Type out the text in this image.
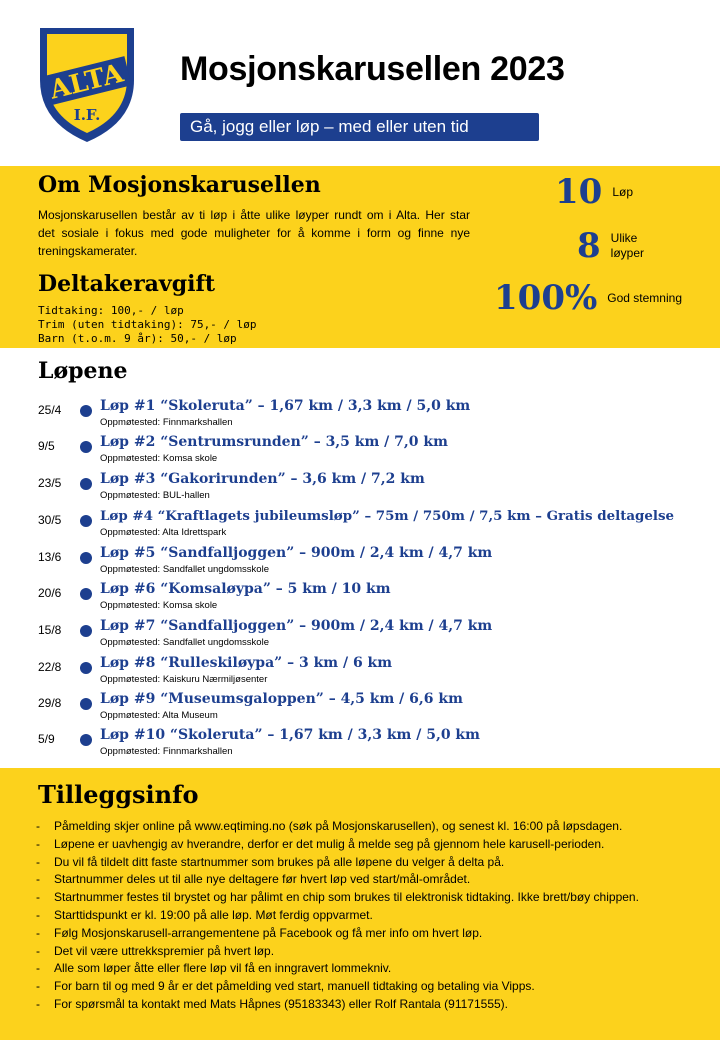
ALTA
I.F.
Mosjonskarusellen 2023
Gå, jogg eller løp – med eller uten tid
Om Mosjonskarusellen
Mosjonskarusellen består av ti løp i åtte ulike løyper rundt om i Alta. Her star det sosiale i fokus med gode muligheter for å komme i form og finne nye treningskamerater.
Deltakeravgift
Tidtaking: 100,- / løp
Trim (uten tidtaking): 75,- / løp
Barn (t.o.m. 9 år): 50,- / løp
10 Løp
8 Ulike løyper
100% God stemning
Løpene
25/4	Løp #1 “Skoleruta” – 1,67 km / 3,3 km / 5,0 km
Oppmøtested: Finnmarkshallen
9/5	Løp #2 “Sentrumsrunden” – 3,5 km / 7,0 km
Oppmøtested: Komsa skole
23/5	Løp #3 “Gakorirunden” – 3,6 km / 7,2 km
Oppmøtested: BUL-hallen
30/5	Løp #4 “Kraftlagets jubileumsløp” – 75m / 750m / 7,5 km – Gratis deltagelse
Oppmøtested: Alta Idrettspark
13/6	Løp #5 “Sandfalljoggen” – 900m / 2,4 km / 4,7 km
Oppmøtested: Sandfallet ungdomsskole
20/6	Løp #6 “Komsaløypa” – 5 km / 10 km
Oppmøtested: Komsa skole
15/8	Løp #7 “Sandfalljoggen” – 900m / 2,4 km / 4,7 km
Oppmøtested: Sandfallet ungdomsskole
22/8	Løp #8 “Rulleskiløypa” – 3 km / 6 km
Oppmøtested: Kaiskuru Nærmiljøsenter
29/8	Løp #9 “Museumsgaloppen” – 4,5 km / 6,6 km
Oppmøtested: Alta Museum
5/9	Løp #10 “Skoleruta” – 1,67 km / 3,3 km / 5,0 km
Oppmøtested: Finnmarkshallen
Tilleggsinfo
- Påmelding skjer online på www.eqtiming.no (søk på Mosjonskarusellen), og senest kl. 16:00 på løpsdagen.
- Løpene er uavhengig av hverandre, derfor er det mulig å melde seg på gjennom hele karusell-perioden.
- Du vil få tildelt ditt faste startnummer som brukes på alle løpene du velger å delta på.
- Startnummer deles ut til alle nye deltagere før hvert løp ved start/mål-området.
- Startnummer festes til brystet og har pålimt en chip som brukes til elektronisk tidtaking. Ikke brett/bøy chippen.
- Starttidspunkt er kl. 19:00 på alle løp. Møt ferdig oppvarmet.
- Følg Mosjonskarusell-arrangementene på Facebook og få mer info om hvert løp.
- Det vil være uttrekkspremier på hvert løp.
- Alle som løper åtte eller flere løp vil få en inngravert lommekniv.
- For barn til og med 9 år er det påmelding ved start, manuell tidtaking og betaling via Vipps.
- For spørsmål ta kontakt med Mats Håpnes (95183343) eller Rolf Rantala (91171555).
